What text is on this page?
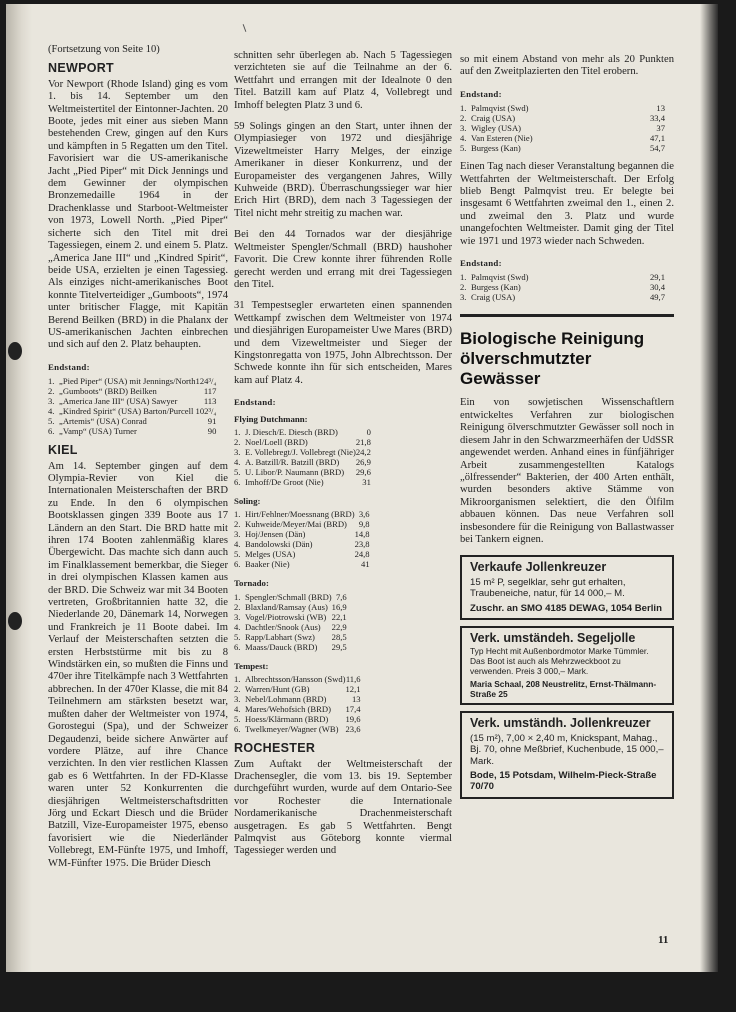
(Fortsetzung von Seite 10)
NEWPORT

Vor Newport (Rhode Island) ging es vom 1. bis 14. September um den Weltmeistertitel der Eintonner-Jachten. 20 Boote, jedes mit einer aus sieben Mann bestehenden Crew, gingen auf den Kurs und kämpften in 5 Regatten um den Titel. Favorisiert war die US-amerikanische Jacht „Pied Piper“ mit Dick Jennings und dem Gewinner der olympischen Bronzemedaille 1964 in der Drachenklasse und Starboot-Weltmeister von 1973, Lowell North. „Pied Piper“ sicherte sich den Titel mit drei Tagessiegen, einem 2. und einem 5. Platz. „America Jane III“ und „Kindred Spirit“, beide USA, erzielten je einen Tagessieg. Als einziges nicht-amerikanisches Boot konnte Titelverteidiger „Gumboots“, 1974 unter britischer Flagge, mit Kapitän Berend Beilken (BRD) in die Phalanx der US-amerikanischen Jachten einbrechen und sich auf den 2. Platz behaupten.

Endstand:
1.	„Pied Piper“ (USA) mit Jennings/North	124³/₄
2.	„Gumboots“ (BRD) Beilken	117
3.	„America Jane III“ (USA) Sawyer	113
4.	„Kindred Spirit“ (USA) Barton/Purcell	102³/₄
5.	„Artemis“ (USA) Conrad	91
6.	„Vamp“ (USA) Turner	90
KIEL

Am 14. September gingen auf dem Olympia-Revier von Kiel die Internationalen Meisterschaften der BRD zu Ende. In den 6 olympischen Bootsklassen gingen 339 Boote aus 17 Ländern an den Start. Die BRD hatte mit ihren 174 Booten zahlenmäßig klares Übergewicht. Das machte sich dann auch im Finalklassement bemerkbar, die Sieger in drei olympischen Klassen kamen aus der BRD. Die Schweiz war mit 34 Booten vertreten, Großbritannien hatte 32, die Niederlande 20, Dänemark 14, Norwegen und Frankreich je 11 Boote dabei. Im Verlauf der Meisterschaften setzten die ersten Herbststürme mit bis zu 8 Windstärken ein, so mußten die Finns und 470er ihre Titelkämpfe nach 3 Wettfahrten abbrechen. In der 470er Klasse, die mit 84 Teilnehmern am stärksten besetzt war, mußten daher der Weltmeister von 1974, Gorostegui (Spa), und der Schweizer Degaudenzi, beide sichere Anwärter auf vordere Plätze, auf ihre Chance verzichten. In den vier restlichen Klassen gab es 6 Wettfahrten. In der FD-Klasse waren unter 52 Konkurrenten die diesjährigen Weltmeisterschaftsdritten Jörg und Eckart Diesch und die Brüder Batzill, Vize-Europameister 1975, ebenso favorisiert wie die Niederländer Vollebregt, EM-Fünfte 1975, und Imhoff, WM-Fünfter 1975. Die Brüder Diesch

schnitten sehr überlegen ab. Nach 5 Tagessiegen verzichteten sie auf die Teilnahme an der 6. Wettfahrt und errangen mit der Idealnote 0 den Titel. Batzill kam auf Platz 4, Vollebregt und Imhoff belegten Platz 3 und 6.

59 Solings gingen an den Start, unter ihnen der Olympiasieger von 1972 und diesjährige Vizeweltmeister Harry Melges, der einzige Amerikaner in dieser Konkurrenz, und der Europameister des vergangenen Jahres, Willy Kuhweide (BRD). Überraschungssieger war hier Erich Hirt (BRD), dem nach 3 Tagessiegen der Titel nicht mehr streitig zu machen war.

Bei den 44 Tornados war der diesjährige Weltmeister Spengler/Schmall (BRD) haushoher Favorit. Die Crew konnte ihrer führenden Rolle gerecht werden und errang mit drei Tagessiegen den Titel.

31 Tempestsegler erwarteten einen spannenden Wettkampf zwischen dem Weltmeister von 1974 und diesjährigen Europameister Uwe Mares (BRD) und dem Vizeweltmeister und Sieger der Kingstonregatta von 1975, John Albrechtsson. Der Schwede konnte ihn für sich entscheiden, Mares kam auf Platz 4.

Endstand:
Flying Dutchmann:
1.	J. Diesch/E. Diesch (BRD)	0
2.	Noel/Loell (BRD)	21,8
3.	E. Vollebregt/J. Vollebregt (Nie)	24,2
4.	A. Batzill/R. Batzill (BRD)	26,9
5.	U. Libor/P. Naumann (BRD)	29,6
6.	Imhoff/De Groot (Nie)	31
Soling:
1.	Hirt/Fehlner/Moessnang (BRD)	3,6
2.	Kuhweide/Meyer/Mai (BRD)	9,8
3.	Hoj/Jensen (Dän)	14,8
4.	Bandolowski (Dän)	23,8
5.	Melges (USA)	24,8
6.	Baaker (Nie)	41
Tornado:
1.	Spengler/Schmall (BRD)	7,6
2.	Blaxland/Ramsay (Aus)	16,9
3.	Vogel/Piotrowski (WB)	22,1
4.	Dachtler/Snook (Aus)	22,9
5.	Rapp/Labhart (Swz)	28,5
6.	Maass/Dauck (BRD)	29,5
Tempest:
1.	Albrechtsson/Hansson (Swd)	11,6
2.	Warren/Hunt (GB)	12,1
3.	Nebel/Lohmann (BRD)	13
4.	Mares/Wehofsich (BRD)	17,4
5.	Hoess/Klärmann (BRD)	19,6
6.	Twelkmeyer/Wagner (WB)	23,6
ROCHESTER

Zum Auftakt der Weltmeisterschaft der Drachensegler, die vom 13. bis 19. September durchgeführt wurden, wurde auf dem Ontario-See vor Rochester die Internationale Nordamerikanische Drachenmeisterschaft ausgetragen. Es gab 5 Wettfahrten. Bengt Palmqvist aus Göteborg konnte viermal Tagessieger werden und

so mit einem Abstand von mehr als 20 Punkten auf den Zweitplazierten den Titel erobern.

Endstand:
1.	Palmqvist (Swd)	13
2.	Craig (USA)	33,4
3.	Wigley (USA)	37
4.	Van Esteren (Nie)	47,1
5.	Burgess (Kan)	54,7

Einen Tag nach dieser Veranstaltung begannen die Wettfahrten der Weltmeisterschaft. Der Erfolg blieb Bengt Palmqvist treu. Er belegte bei insgesamt 6 Wettfahrten zweimal den 1., einen 2. und zweimal den 3. Platz und wurde unangefochten Weltmeister. Damit ging der Titel wie 1971 und 1973 wieder nach Schweden.

Endstand:
1.	Palmqvist (Swd)	29,1
2.	Burgess (Kan)	30,4
3.	Craig (USA)	49,7
Biologische Reinigung ölverschmutzter Gewässer

Ein von sowjetischen Wissenschaftlern entwickeltes Verfahren zur biologischen Reinigung ölverschmutzter Gewässer soll noch in diesem Jahr in den Schwarzmeerhäfen der UdSSR angewendet werden. Anhand eines in fünfjähriger Arbeit zusammengestellten Katalogs „ölfressender“ Bakterien, der 400 Arten enthält, wurden besonders aktive Stämme von Mikroorganismen selektiert, die den Ölfilm abbauen können. Das neue Verfahren soll insbesondere für die Reinigung von Ballastwasser bei Tankern eignen.

Verkaufe Jollenkreuzer
15 m² P, segelklar, sehr gut erhalten, Traubeneiche, natur, für 14 000,– M.
Zuschr. an SMO 4185 DEWAG, 1054 Berlin
Verk. umständeh. Segeljolle
Typ Hecht mit Außenbordmotor Marke Tümmler. Das Boot ist auch als Mehrzweckboot zu verwenden. Preis 3 000,– Mark.
Maria Schaal, 208 Neustrelitz, Ernst-Thälmann-Straße 25
Verk. umständh. Jollenkreuzer
(15 m²), 7,00 × 2,40 m, Knickspant, Mahag., Bj. 70, ohne Meßbrief, Kuchenbude, 15 000,– Mark.
Bode, 15 Potsdam, Wilhelm-Pieck-Straße 70/70
11
